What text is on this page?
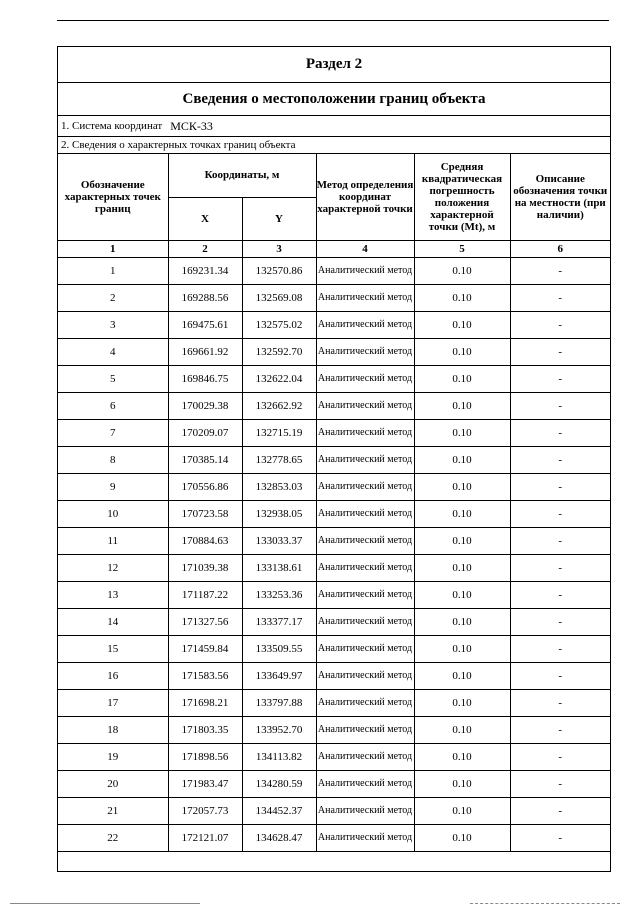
Раздел 2
Сведения о местоположении границ объекта
1. Система координат МСК-33
2. Сведения о характерных точках границ объекта
Обозначение характерных точек границ	Координаты, м		Метод определения координат характерной точки	Средняя квадратическая погрешность положения характерной точки (Mt), м	Описание обозначения точки на местности (при наличии)
	X	Y			
1	2	3	4	5	6
1	169231.34	132570.86	Аналитический метод	0.10	-
2	169288.56	132569.08	Аналитический метод	0.10	-
3	169475.61	132575.02	Аналитический метод	0.10	-
4	169661.92	132592.70	Аналитический метод	0.10	-
5	169846.75	132622.04	Аналитический метод	0.10	-
6	170029.38	132662.92	Аналитический метод	0.10	-
7	170209.07	132715.19	Аналитический метод	0.10	-
8	170385.14	132778.65	Аналитический метод	0.10	-
9	170556.86	132853.03	Аналитический метод	0.10	-
10	170723.58	132938.05	Аналитический метод	0.10	-
11	170884.63	133033.37	Аналитический метод	0.10	-
12	171039.38	133138.61	Аналитический метод	0.10	-
13	171187.22	133253.36	Аналитический метод	0.10	-
14	171327.56	133377.17	Аналитический метод	0.10	-
15	171459.84	133509.55	Аналитический метод	0.10	-
16	171583.56	133649.97	Аналитический метод	0.10	-
17	171698.21	133797.88	Аналитический метод	0.10	-
18	171803.35	133952.70	Аналитический метод	0.10	-
19	171898.56	134113.82	Аналитический метод	0.10	-
20	171983.47	134280.59	Аналитический метод	0.10	-
21	172057.73	134452.37	Аналитический метод	0.10	-
22	172121.07	134628.47	Аналитический метод	0.10	-
